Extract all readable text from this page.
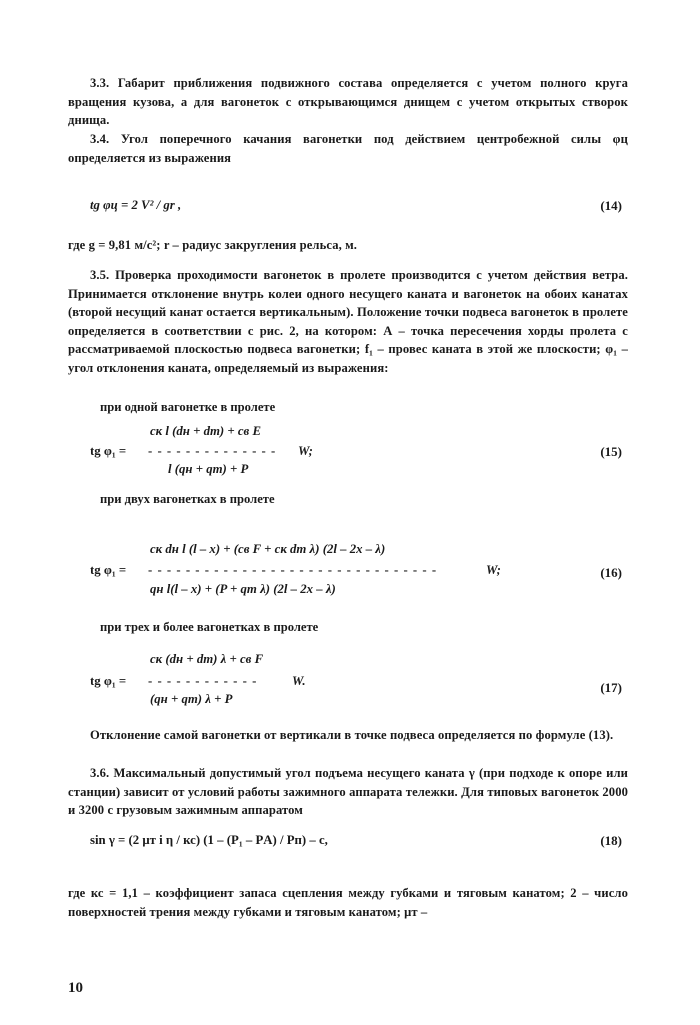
3.3. Габарит приближения подвижного состава определяется с учетом полного круга вращения кузова, а для вагонеток с открывающимся днищем с учетом открытых створок днища.
3.4. Угол поперечного качания вагонетки под действием центробежной силы φц определяется из выражения
tg φц = 2 V² / gr ,	(14)
где g = 9,81 м/с²; r – радиус закругления рельса, м.
3.5. Проверка проходимости вагонеток в пролете производится с учетом действия ветра. Принимается отклонение внутрь колеи одного несущего каната и вагонеток на обоих канатах (второй несущий канат остается вертикальным). Положение точки подвеса вагонеток в пролете определяется в соответствии с рис. 2, на котором: А – точка пересечения хорды пролета с рассматриваемой плоскостью подвеса вагонетки; f₁ – провес каната в этой же плоскости; φ₁ – угол отклонения каната, определяемый из выражения:
при одной вагонетке в пролете
cк l (dн + dт) + cв E
tg φ₁ = - - - - - - - - - - - - - - W;
l (qн + qт) + P
(15)
при двух вагонетках в пролете
cк dн l (l – x) + (cв F + cк dт λ) (2l – 2x – λ)
tg φ₁ = - - - - - - - - - - - - - - - - - - - - - - - - - - - - - - -	W;
qн l(l – x) + (P + qт λ) (2l – 2x – λ)
(16)
при трех и более вагонетках в пролете
cк (dн + dт) λ + cв F
tg φ₁ = - - - - - - - - - - - -	W.
(qн + qт) λ + P
(17)
Отклонение самой вагонетки от вертикали в точке подвеса определяется по формуле (13).
3.6. Максимальный допустимый угол подъема несущего каната γ (при подходе к опоре или станции) зависит от условий работы зажимного аппарата тележки. Для типовых вагонеток 2000 и 3200 с грузовым зажимным аппаратом
sin γ = (2 μт i η / кс) (1 – (P₁ – PА) / Pп) – c,	(18)
где кс = 1,1 – коэффициент запаса сцепления между губками и тяговым канатом; 2 – число поверхностей трения между губками и тяговым канатом; μт –
10
